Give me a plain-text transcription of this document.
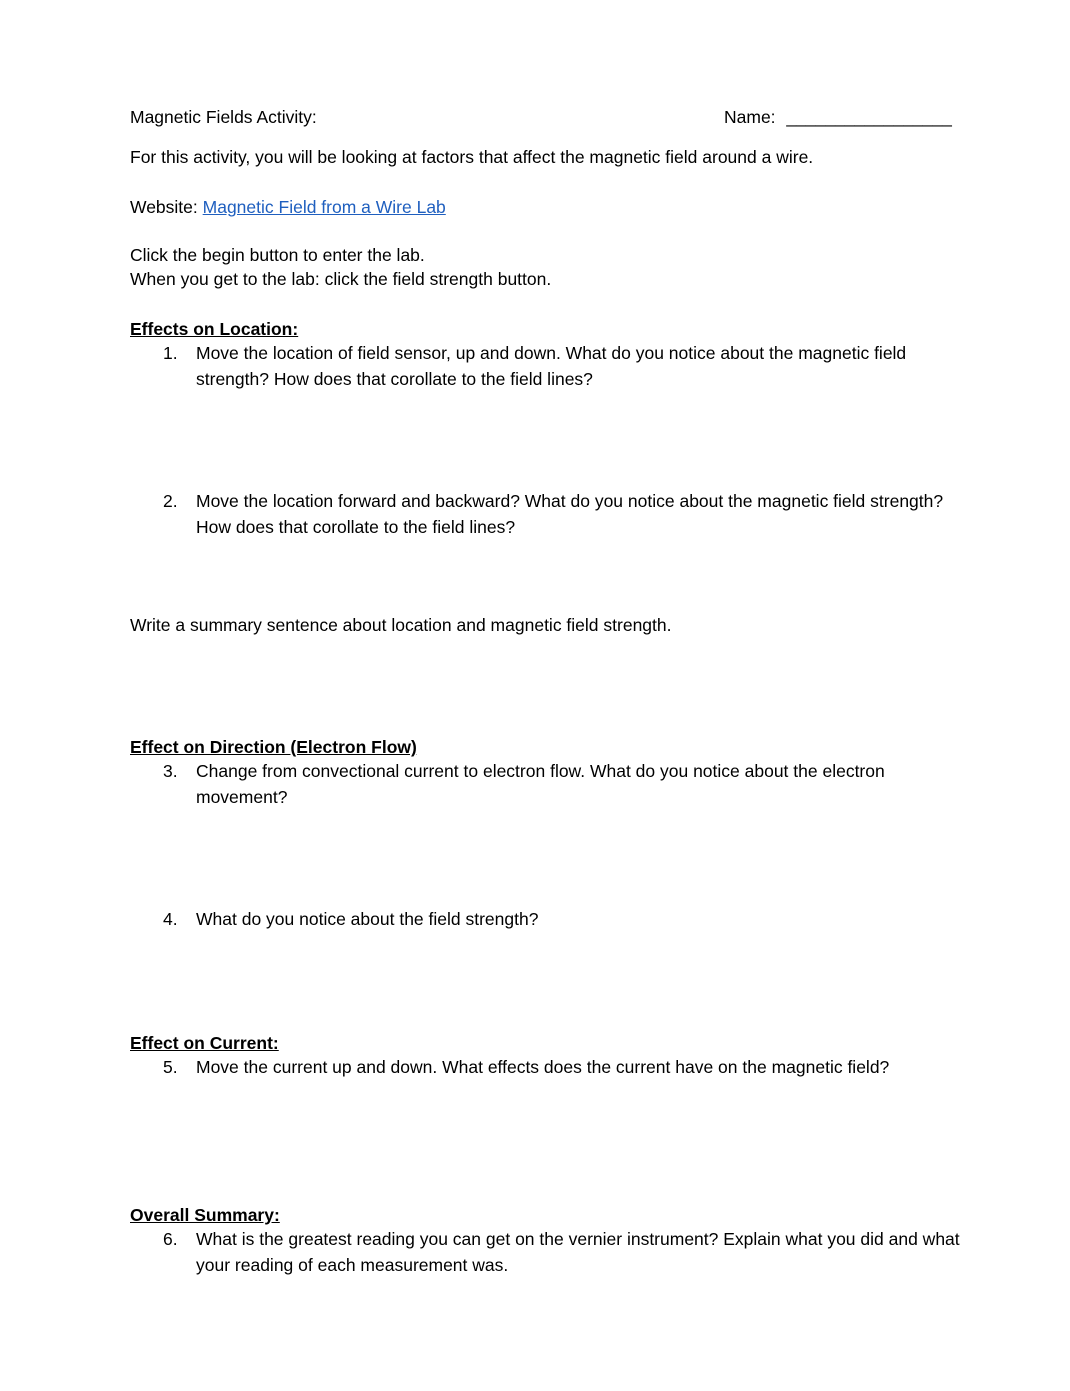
Magnetic Fields Activity:	Name: _________________
For this activity, you will be looking at factors that affect the magnetic field around a wire.
Website: Magnetic Field from a Wire Lab
Click the begin button to enter the lab.
When you get to the lab: click the field strength button.
Effects on Location:
1. Move the location of field sensor, up and down. What do you notice about the magnetic field strength? How does that corollate to the field lines?
2. Move the location forward and backward? What do you notice about the magnetic field strength? How does that corollate to the field lines?
Write a summary sentence about location and magnetic field strength.
Effect on Direction (Electron Flow)
3. Change from convectional current to electron flow. What do you notice about the electron movement?
4. What do you notice about the field strength?
Effect on Current:
5. Move the current up and down. What effects does the current have on the magnetic field?
Overall Summary:
6. What is the greatest reading you can get on the vernier instrument? Explain what you did and what your reading of each measurement was.
